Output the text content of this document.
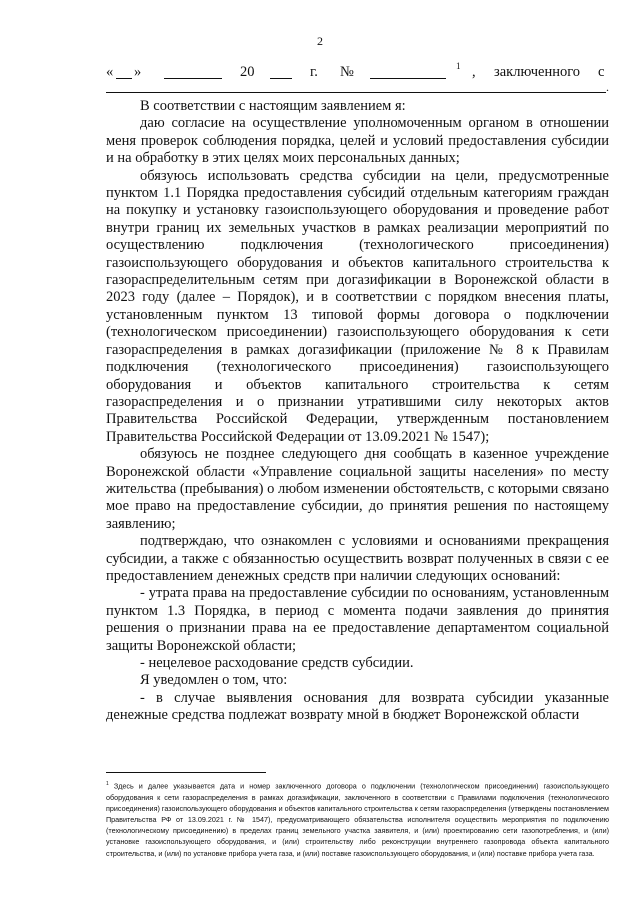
2
« »	20	г. №	1 , заключенного с
.

В соответствии с настоящим заявлением я:

даю согласие на осуществление уполномоченным органом в отношении меня проверок соблюдения порядка, целей и условий предоставления субсидии и на обработку в этих целях моих персональных данных;

обязуюсь использовать средства субсидии на цели, предусмотренные пунктом 1.1 Порядка предоставления субсидий отдельным категориям граждан на покупку и установку газоиспользующего оборудования и проведение работ внутри границ их земельных участков в рамках реализации мероприятий по осуществлению подключения (технологического присоединения) газоиспользующего оборудования и объектов капитального строительства к газораспределительным сетям при догазификации в Воронежской области в 2023 году (далее – Порядок), и в соответствии с порядком внесения платы, установленным пунктом 13 типовой формы договора о подключении (технологическом присоединении) газоиспользующего оборудования к сети газораспределения в рамках догазификации (приложение № 8 к Правилам подключения (технологического присоединения) газоиспользующего оборудования и объектов капитального строительства к сетям газораспределения и о признании утратившими силу некоторых актов Правительства Российской Федерации, утвержденным постановлением Правительства Российской Федерации от 13.09.2021 № 1547);

обязуюсь не позднее следующего дня сообщать в казенное учреждение Воронежской области «Управление социальной защиты населения» по месту жительства (пребывания) о любом изменении обстоятельств, с которыми связано мое право на предоставление субсидии, до принятия решения по настоящему заявлению;

подтверждаю, что ознакомлен с условиями и основаниями прекращения субсидии, а также с обязанностью осуществить возврат полученных в связи с ее предоставлением денежных средств при наличии следующих оснований:

- утрата права на предоставление субсидии по основаниям, установленным пунктом 1.3 Порядка, в период с момента подачи заявления до принятия решения о признании права на ее предоставление департаментом социальной защиты Воронежской области;

- нецелевое расходование средств субсидии.

Я уведомлен о том, что:

- в случае выявления основания для возврата субсидии указанные денежные средства подлежат возврату мной в бюджет Воронежской области

$^1$ Здесь и далее указывается дата и номер заключенного договора о подключении (технологическом присоединении) газоиспользующего оборудования к сети газораспределения в рамках догазификации, заключенного в соответствии с Правилами подключения (технологического присоединения) газоиспользующего оборудования и объектов капитального строительства к сетям газораспределения (утверждены постановлением Правительства РФ от 13.09.2021 г. № 1547), предусматривающего обязательства исполнителя осуществить мероприятия по подключению (технологическому присоединению) в пределах границ земельного участка заявителя, и (или) проектированию сети газопотребления, и (или) установке газоиспользующего оборудования, и (или) строительству либо реконструкции внутреннего газопровода объекта капитального строительства, и (или) по установке прибора учета газа, и (или) поставке газоиспользующего оборудования, и (или) поставке прибора учета газа.
